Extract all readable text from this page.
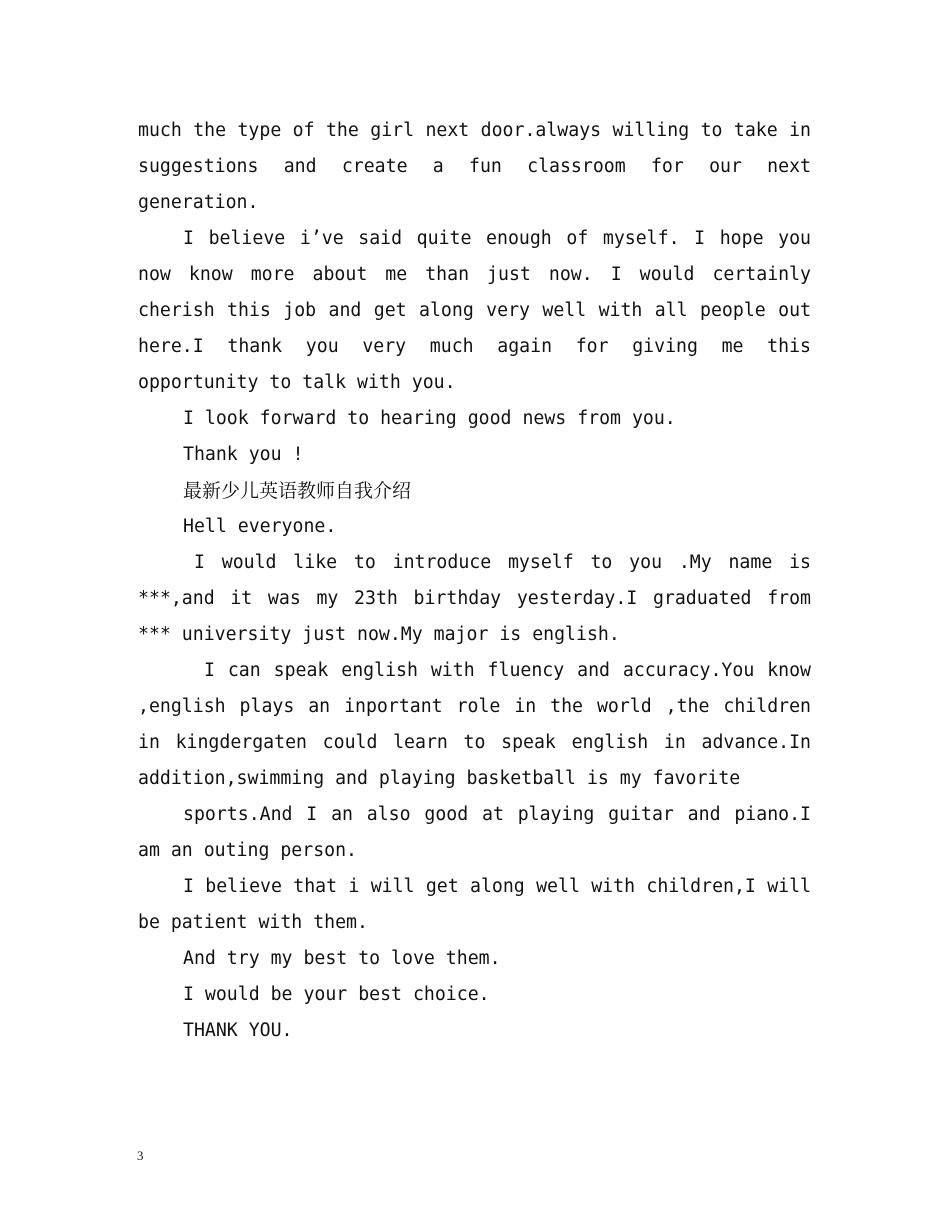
much the type of the girl next door.always willing to take in suggestions and create a fun classroom for our next generation.

I believe i’ve said quite enough of myself. I hope you now know more about me than just now. I would certainly cherish this job and get along very well with all people out here.I thank you very much again for giving me this opportunity to talk with you.

I look forward to hearing good news from you.

Thank you !

最新少儿英语教师自我介绍

Hell everyone.

I would like to introduce myself to you .My name is ***,and it was my 23th birthday yesterday.I graduated from *** university just now.My major is english.

I can speak english with fluency and accuracy.You know ,english plays an inportant role in the world ,the children in kingdergaten could learn to speak english in advance.In addition,swimming and playing basketball is my favorite

sports.And I an also good at playing guitar and piano.I am an outing person.

I believe that i will get along well with children,I will be patient with them.

And try my best to love them.

I would be your best choice.

THANK YOU.

3
